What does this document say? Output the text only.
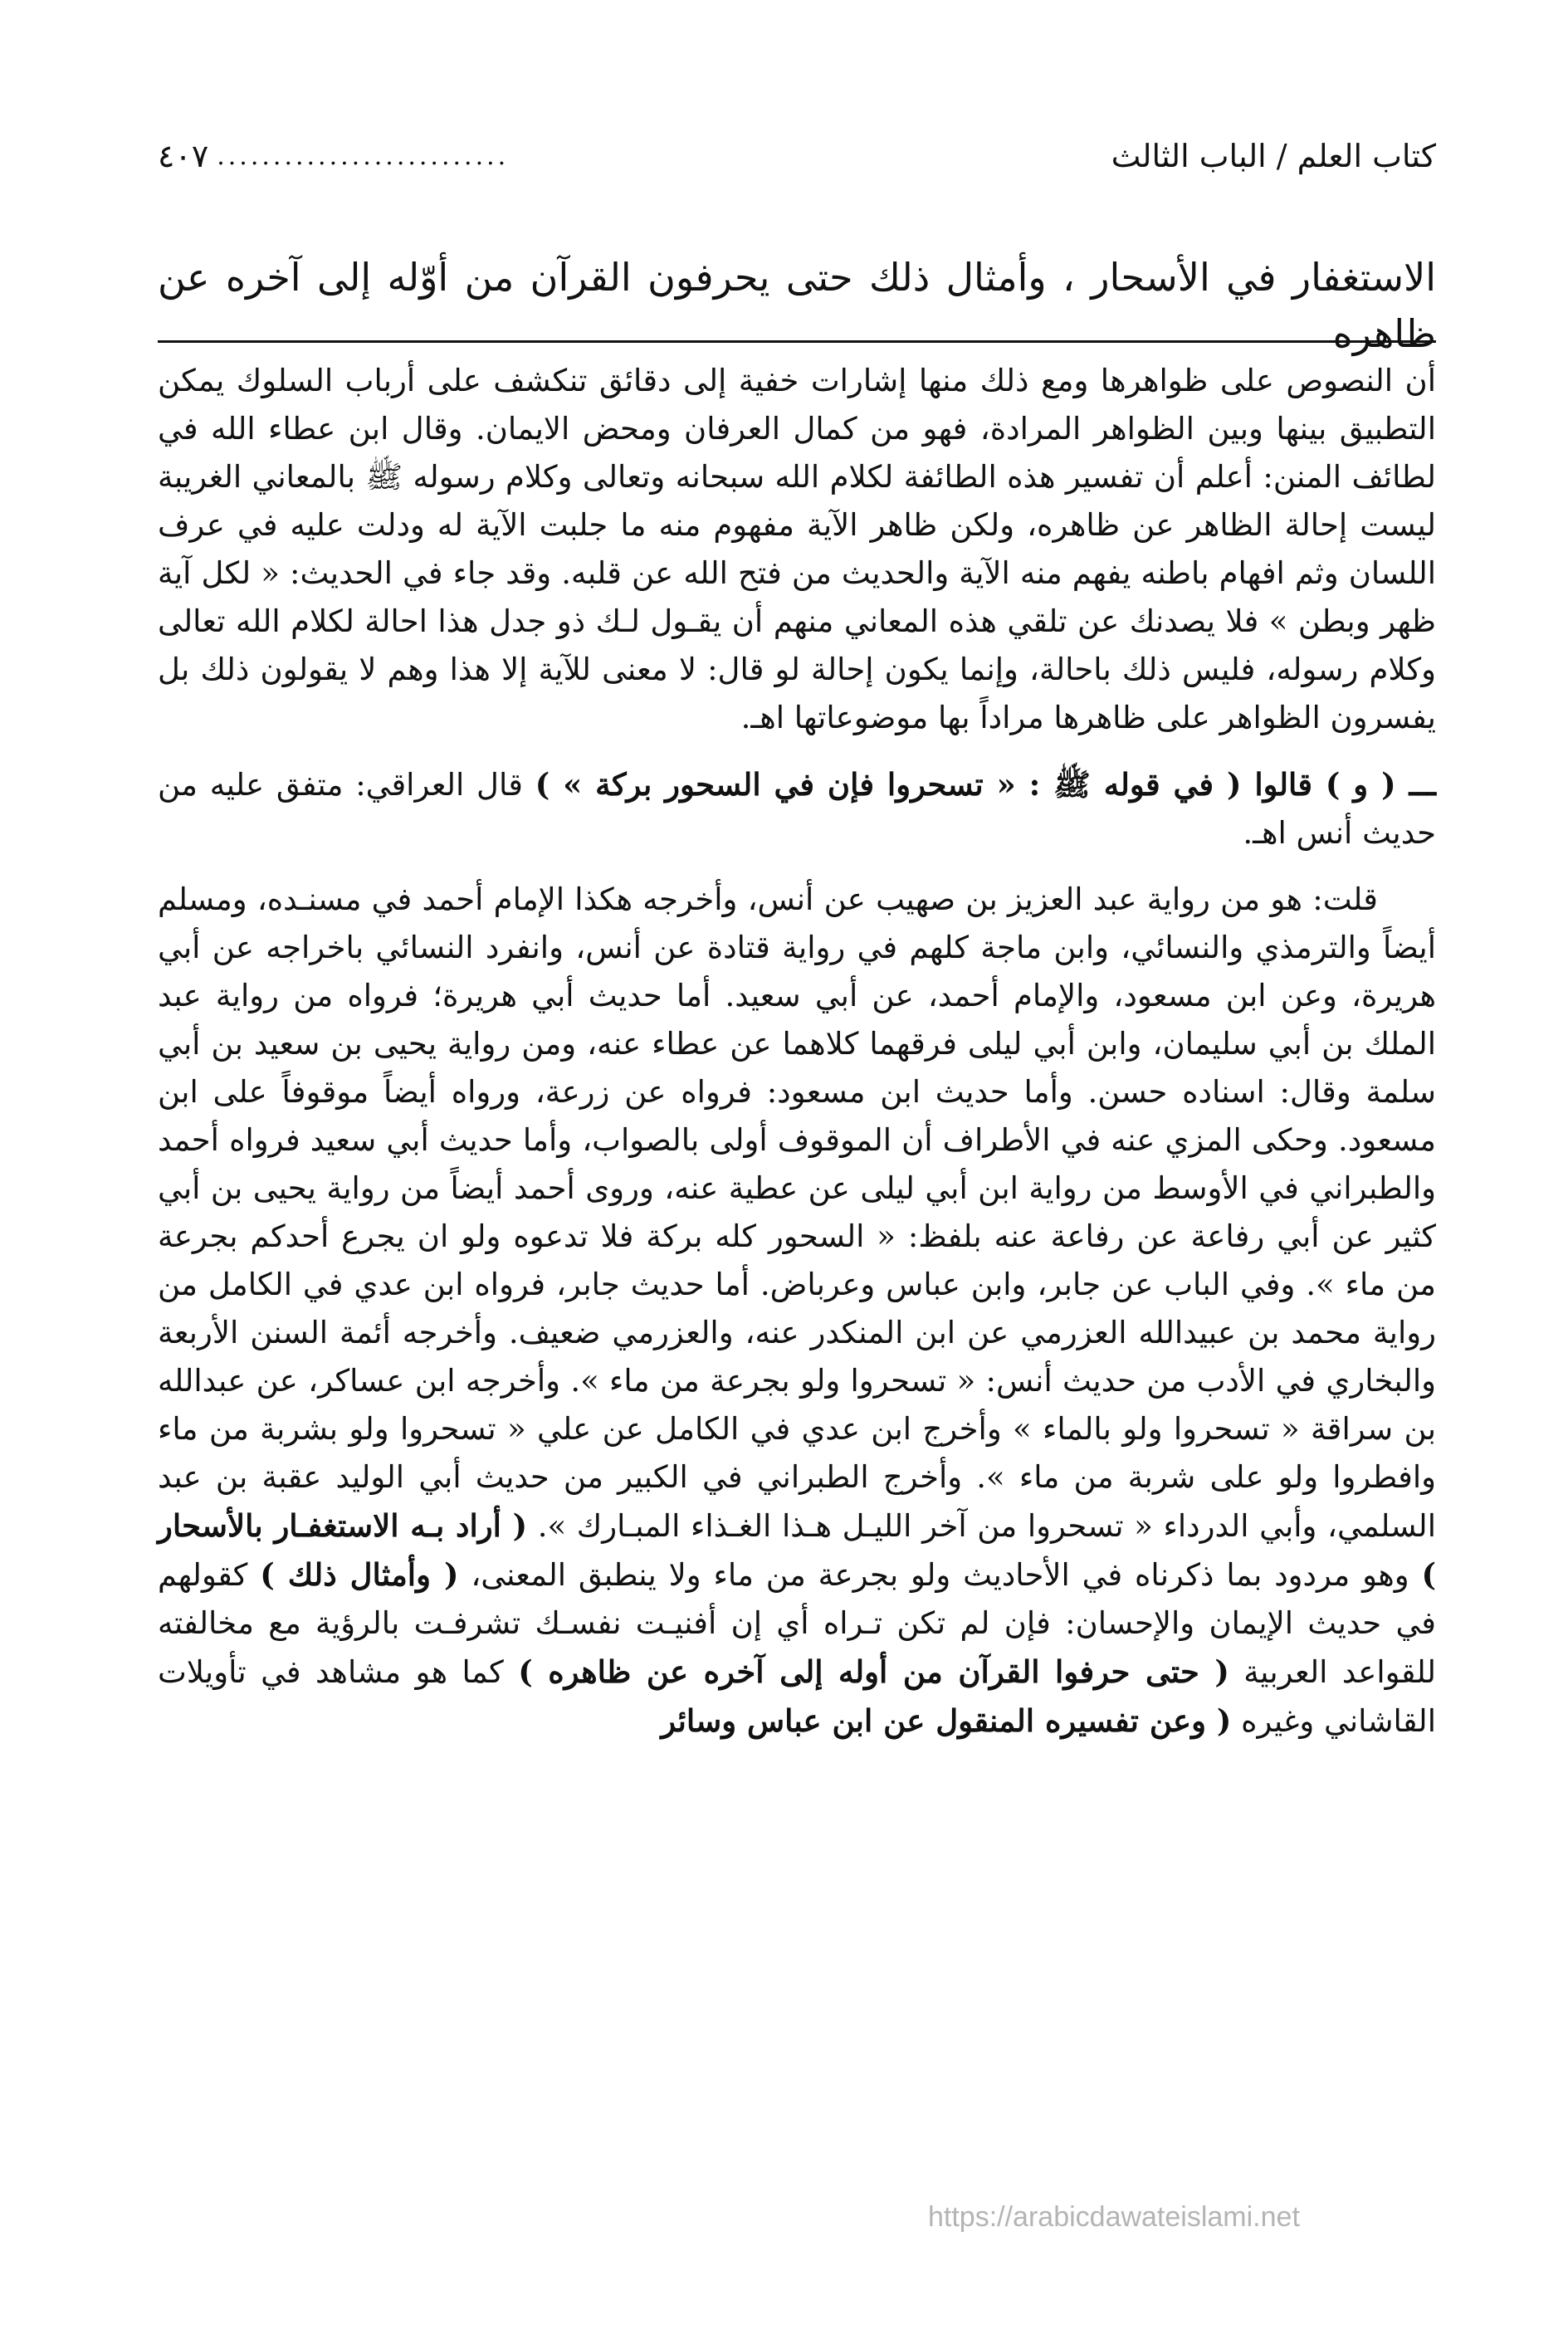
كتاب العلم / الباب الثالث
..........................
٤٠٧
الاستغفار في الأسحار ، وأمثال ذلك حتى يحرفون القرآن من أوّله إلى آخره عن ظاهره

أن النصوص على ظواهرها ومع ذلك منها إشارات خفية إلى دقائق تنكشف على أرباب السلوك يمكن التطبيق بينها وبين الظواهر المرادة، فهو من كمال العرفان ومحض الايمان. وقال ابن عطاء الله في لطائف المنن: أعلم أن تفسير هذه الطائفة لكلام الله سبحانه وتعالى وكلام رسوله ﷺ بالمعاني الغريبة ليست إحالة الظاهر عن ظاهره، ولكن ظاهر الآية مفهوم منه ما جلبت الآية له ودلت عليه في عرف اللسان وثم افهام باطنه يفهم منه الآية والحديث من فتح الله عن قلبه. وقد جاء في الحديث: « لكل آية ظهر وبطن » فلا يصدنك عن تلقي هذه المعاني منهم أن يقـول لـك ذو جدل هذا احالة لكلام الله تعالى وكلام رسوله، فليس ذلك باحالة، وإنما يكون إحالة لو قال: لا معنى للآية إلا هذا وهم لا يقولون ذلك بل يفسرون الظواهر على ظاهرها مراداً بها موضوعاتها اهـ.

ـــ ( و ) قالوا ( في قوله ﷺ : « تسحروا فإن في السحور بركة » ) قال العراقي: متفق عليه من حديث أنس اهـ.

قلت: هو من رواية عبد العزيز بن صهيب عن أنس، وأخرجه هكذا الإمام أحمد في مسنـده، ومسلم أيضاً والترمذي والنسائي، وابن ماجة كلهم في رواية قتادة عن أنس، وانفرد النسائي باخراجه عن أبي هريرة، وعن ابن مسعود، والإمام أحمد، عن أبي سعيد. أما حديث أبي هريرة؛ فرواه من رواية عبد الملك بن أبي سليمان، وابن أبي ليلى فرقهما كلاهما عن عطاء عنه، ومن رواية يحيى بن سعيد بن أبي سلمة وقال: اسناده حسن. وأما حديث ابن مسعود: فرواه عن زرعة، ورواه أيضاً موقوفاً على ابن مسعود. وحكى المزي عنه في الأطراف أن الموقوف أولى بالصواب، وأما حديث أبي سعيد فرواه أحمد والطبراني في الأوسط من رواية ابن أبي ليلى عن عطية عنه، وروى أحمد أيضاً من رواية يحيى بن أبي كثير عن أبي رفاعة عن رفاعة عنه بلفظ: « السحور كله بركة فلا تدعوه ولو ان يجرع أحدكم بجرعة من ماء ». وفي الباب عن جابر، وابن عباس وعرباض. أما حديث جابر، فرواه ابن عدي في الكامل من رواية محمد بن عبيدالله العزرمي عن ابن المنكدر عنه، والعزرمي ضعيف. وأخرجه أئمة السنن الأربعة والبخاري في الأدب من حديث أنس: « تسحروا ولو بجرعة من ماء ». وأخرجه ابن عساكر، عن عبدالله بن سراقة « تسحروا ولو بالماء » وأخرج ابن عدي في الكامل عن علي « تسحروا ولو بشربة من ماء وافطروا ولو على شربة من ماء ». وأخرج الطبراني في الكبير من حديث أبي الوليد عقبة بن عبد السلمي، وأبي الدرداء « تسحروا من آخر الليـل هـذا الغـذاء المبـارك ». ( أراد بـه الاستغفـار بالأسحار ) وهو مردود بما ذكرناه في الأحاديث ولو بجرعة من ماء ولا ينطبق المعنى، ( وأمثال ذلك ) كقولهم في حديث الإيمان والإحسان: فإن لم تكن تـراه أي إن أفنيـت نفسـك تشرفـت بالرؤية مع مخالفته للقواعد العربية ( حتى حرفوا القرآن من أوله إلى آخره عن ظاهره ) كما هو مشاهد في تأويلات القاشاني وغيره ( وعن تفسيره المنقول عن ابن عباس وسائر

https://arabicdawateislami.net
